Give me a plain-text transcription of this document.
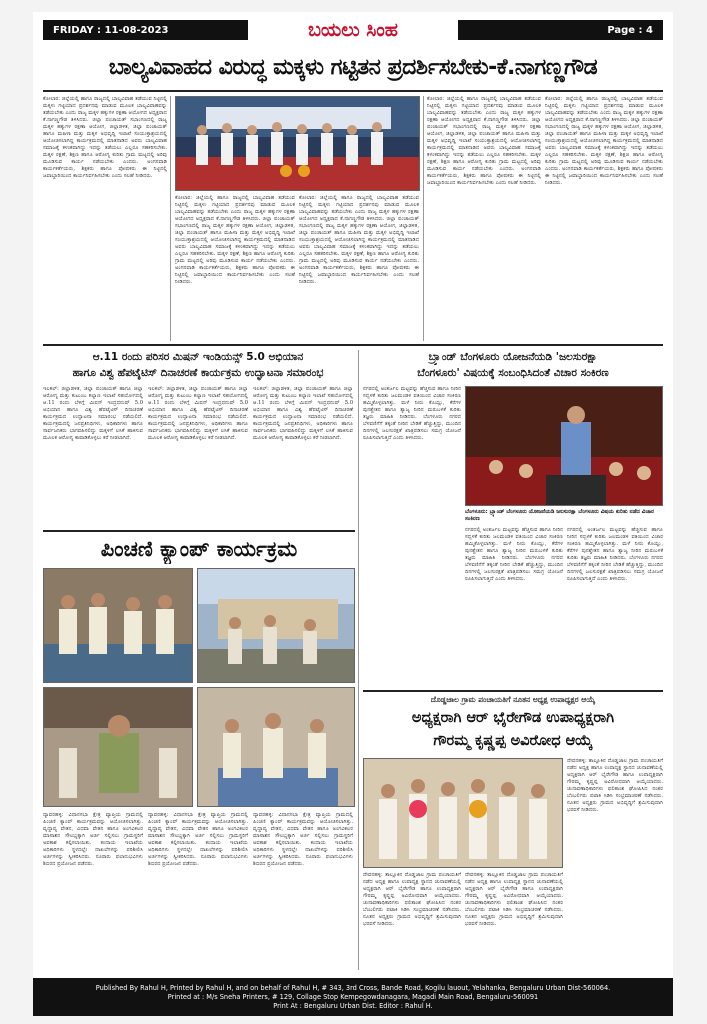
FRIDAY : 11-08-2023	Page : 4
ಬಯಲು ಸಿಂಹ
ಬಾಲ್ಯವಿವಾಹದ ವಿರುದ್ಧ ಮಕ್ಕಳು ಗಟ್ಟಿತನ ಪ್ರದರ್ಶಿಸಬೇಕು-ಕೆ.ನಾಗಣ್ಣಗೌಡ
ಕೋಲಾರ: ಜಿಲ್ಲೆಯಲ್ಲಿ ಹಾಗೂ ರಾಜ್ಯದಲ್ಲಿ ಬಾಲ್ಯವಿವಾಹ ತಡೆಯುವ ನಿಟ್ಟಿನಲ್ಲಿ ಮಕ್ಕಳು ಗಟ್ಟಿಯಾದ ಪ್ರದರ್ಶನವು ಮಾಡುವ ಮೂಲಕ ಬಾಲ್ಯವಿವಾಹವನ್ನು ತಡೆಯಬೇಕು ಎಂದು ರಾಜ್ಯ ಮಕ್ಕಳ ಹಕ್ಕುಗಳ ರಕ್ಷಣಾ ಆಯೋಗದ ಅಧ್ಯಕ್ಷರಾದ ಕೆ.ನಾಗಣ್ಣಗೌಡ ತಿಳಿಸಿದರು. ಜಿಲ್ಲಾ ಪಂಚಾಯತ್ ಸಭಾಂಗಣದಲ್ಲಿ ರಾಜ್ಯ ಮಕ್ಕಳ ಹಕ್ಕುಗಳ ರಕ್ಷಣಾ ಆಯೋಗ, ಜಿಲ್ಲಾಡಳಿತ, ಜಿಲ್ಲಾ ಪಂಚಾಯತ್ ಹಾಗೂ ಮಹಿಳಾ ಮತ್ತು ಮಕ್ಕಳ ಅಭಿವೃದ್ಧಿ ಇಲಾಖೆ ಸಂಯುಕ್ತಾಶ್ರಯದಲ್ಲಿ ಆಯೋಜಿಸಲಾಗಿದ್ದ ಕಾರ್ಯಕ್ರಮದಲ್ಲಿ ಮಾತನಾಡಿದ ಅವರು ಬಾಲ್ಯವಿವಾಹ ಸಮಾಜಕ್ಕೆ ಕಳಂಕವಾಗಿದ್ದು ಇದನ್ನು ತಡೆಯಲು ಎಲ್ಲರೂ ಸಹಕರಿಸಬೇಕು. ಮಕ್ಕಳ ರಕ್ಷಣೆ, ಶಿಕ್ಷಣ ಹಾಗೂ ಆರೋಗ್ಯ ಕುರಿತು ಗ್ರಾಮ ಮಟ್ಟದಲ್ಲಿ ಅರಿವು ಮೂಡಿಸುವ ಕಾರ್ಯ ನಡೆಯಬೇಕು ಎಂದರು. ಅಂಗನವಾಡಿ ಕಾರ್ಯಕರ್ತೆಯರು, ಶಿಕ್ಷಕರು ಹಾಗೂ ಪೋಷಕರು ಈ ನಿಟ್ಟಿನಲ್ಲಿ ಜವಾಬ್ದಾರಿಯಿಂದ ಕಾರ್ಯನಿರ್ವಹಿಸಬೇಕು ಎಂದು ಸಲಹೆ ನೀಡಿದರು.
ಕೋಲಾರ: ಜಿಲ್ಲೆಯಲ್ಲಿ ಹಾಗೂ ರಾಜ್ಯದಲ್ಲಿ ಬಾಲ್ಯವಿವಾಹ ತಡೆಯುವ ನಿಟ್ಟಿನಲ್ಲಿ ಮಕ್ಕಳು ಗಟ್ಟಿಯಾದ ಪ್ರದರ್ಶನವು ಮಾಡುವ ಮೂಲಕ ಬಾಲ್ಯವಿವಾಹವನ್ನು ತಡೆಯಬೇಕು ಎಂದು ರಾಜ್ಯ ಮಕ್ಕಳ ಹಕ್ಕುಗಳ ರಕ್ಷಣಾ ಆಯೋಗದ ಅಧ್ಯಕ್ಷರಾದ ಕೆ.ನಾಗಣ್ಣಗೌಡ ತಿಳಿಸಿದರು. ಜಿಲ್ಲಾ ಪಂಚಾಯತ್ ಸಭಾಂಗಣದಲ್ಲಿ ರಾಜ್ಯ ಮಕ್ಕಳ ಹಕ್ಕುಗಳ ರಕ್ಷಣಾ ಆಯೋಗ, ಜಿಲ್ಲಾಡಳಿತ, ಜಿಲ್ಲಾ ಪಂಚಾಯತ್ ಹಾಗೂ ಮಹಿಳಾ ಮತ್ತು ಮಕ್ಕಳ ಅಭಿವೃದ್ಧಿ ಇಲಾಖೆ ಸಂಯುಕ್ತಾಶ್ರಯದಲ್ಲಿ ಆಯೋಜಿಸಲಾಗಿದ್ದ ಕಾರ್ಯಕ್ರಮದಲ್ಲಿ ಮಾತನಾಡಿದ ಅವರು ಬಾಲ್ಯವಿವಾಹ ಸಮಾಜಕ್ಕೆ ಕಳಂಕವಾಗಿದ್ದು ಇದನ್ನು ತಡೆಯಲು ಎಲ್ಲರೂ ಸಹಕರಿಸಬೇಕು. ಮಕ್ಕಳ ರಕ್ಷಣೆ, ಶಿಕ್ಷಣ ಹಾಗೂ ಆರೋಗ್ಯ ಕುರಿತು ಗ್ರಾಮ ಮಟ್ಟದಲ್ಲಿ ಅರಿವು ಮೂಡಿಸುವ ಕಾರ್ಯ ನಡೆಯಬೇಕು ಎಂದರು. ಅಂಗನವಾಡಿ ಕಾರ್ಯಕರ್ತೆಯರು, ಶಿಕ್ಷಕರು ಹಾಗೂ ಪೋಷಕರು ಈ ನಿಟ್ಟಿನಲ್ಲಿ ಜವಾಬ್ದಾರಿಯಿಂದ ಕಾರ್ಯನಿರ್ವಹಿಸಬೇಕು ಎಂದು ಸಲಹೆ ನೀಡಿದರು.
ಕೋಲಾರ: ಜಿಲ್ಲೆಯಲ್ಲಿ ಹಾಗೂ ರಾಜ್ಯದಲ್ಲಿ ಬಾಲ್ಯವಿವಾಹ ತಡೆಯುವ ನಿಟ್ಟಿನಲ್ಲಿ ಮಕ್ಕಳು ಗಟ್ಟಿಯಾದ ಪ್ರದರ್ಶನವು ಮಾಡುವ ಮೂಲಕ ಬಾಲ್ಯವಿವಾಹವನ್ನು ತಡೆಯಬೇಕು ಎಂದು ರಾಜ್ಯ ಮಕ್ಕಳ ಹಕ್ಕುಗಳ ರಕ್ಷಣಾ ಆಯೋಗದ ಅಧ್ಯಕ್ಷರಾದ ಕೆ.ನಾಗಣ್ಣಗೌಡ ತಿಳಿಸಿದರು. ಜಿಲ್ಲಾ ಪಂಚಾಯತ್ ಸಭಾಂಗಣದಲ್ಲಿ ರಾಜ್ಯ ಮಕ್ಕಳ ಹಕ್ಕುಗಳ ರಕ್ಷಣಾ ಆಯೋಗ, ಜಿಲ್ಲಾಡಳಿತ, ಜಿಲ್ಲಾ ಪಂಚಾಯತ್ ಹಾಗೂ ಮಹಿಳಾ ಮತ್ತು ಮಕ್ಕಳ ಅಭಿವೃದ್ಧಿ ಇಲಾಖೆ ಸಂಯುಕ್ತಾಶ್ರಯದಲ್ಲಿ ಆಯೋಜಿಸಲಾಗಿದ್ದ ಕಾರ್ಯಕ್ರಮದಲ್ಲಿ ಮಾತನಾಡಿದ ಅವರು ಬಾಲ್ಯವಿವಾಹ ಸಮಾಜಕ್ಕೆ ಕಳಂಕವಾಗಿದ್ದು ಇದನ್ನು ತಡೆಯಲು ಎಲ್ಲರೂ ಸಹಕರಿಸಬೇಕು. ಮಕ್ಕಳ ರಕ್ಷಣೆ, ಶಿಕ್ಷಣ ಹಾಗೂ ಆರೋಗ್ಯ ಕುರಿತು ಗ್ರಾಮ ಮಟ್ಟದಲ್ಲಿ ಅರಿವು ಮೂಡಿಸುವ ಕಾರ್ಯ ನಡೆಯಬೇಕು ಎಂದರು. ಅಂಗನವಾಡಿ ಕಾರ್ಯಕರ್ತೆಯರು, ಶಿಕ್ಷಕರು ಹಾಗೂ ಪೋಷಕರು ಈ ನಿಟ್ಟಿನಲ್ಲಿ ಜವಾಬ್ದಾರಿಯಿಂದ ಕಾರ್ಯನಿರ್ವಹಿಸಬೇಕು ಎಂದು ಸಲಹೆ ನೀಡಿದರು.
ಕೋಲಾರ: ಜಿಲ್ಲೆಯಲ್ಲಿ ಹಾಗೂ ರಾಜ್ಯದಲ್ಲಿ ಬಾಲ್ಯವಿವಾಹ ತಡೆಯುವ ನಿಟ್ಟಿನಲ್ಲಿ ಮಕ್ಕಳು ಗಟ್ಟಿಯಾದ ಪ್ರದರ್ಶನವು ಮಾಡುವ ಮೂಲಕ ಬಾಲ್ಯವಿವಾಹವನ್ನು ತಡೆಯಬೇಕು ಎಂದು ರಾಜ್ಯ ಮಕ್ಕಳ ಹಕ್ಕುಗಳ ರಕ್ಷಣಾ ಆಯೋಗದ ಅಧ್ಯಕ್ಷರಾದ ಕೆ.ನಾಗಣ್ಣಗೌಡ ತಿಳಿಸಿದರು. ಜಿಲ್ಲಾ ಪಂಚಾಯತ್ ಸಭಾಂಗಣದಲ್ಲಿ ರಾಜ್ಯ ಮಕ್ಕಳ ಹಕ್ಕುಗಳ ರಕ್ಷಣಾ ಆಯೋಗ, ಜಿಲ್ಲಾಡಳಿತ, ಜಿಲ್ಲಾ ಪಂಚಾಯತ್ ಹಾಗೂ ಮಹಿಳಾ ಮತ್ತು ಮಕ್ಕಳ ಅಭಿವೃದ್ಧಿ ಇಲಾಖೆ ಸಂಯುಕ್ತಾಶ್ರಯದಲ್ಲಿ ಆಯೋಜಿಸಲಾಗಿದ್ದ ಕಾರ್ಯಕ್ರಮದಲ್ಲಿ ಮಾತನಾಡಿದ ಅವರು ಬಾಲ್ಯವಿವಾಹ ಸಮಾಜಕ್ಕೆ ಕಳಂಕವಾಗಿದ್ದು ಇದನ್ನು ತಡೆಯಲು ಎಲ್ಲರೂ ಸಹಕರಿಸಬೇಕು. ಮಕ್ಕಳ ರಕ್ಷಣೆ, ಶಿಕ್ಷಣ ಹಾಗೂ ಆರೋಗ್ಯ ಕುರಿತು ಗ್ರಾಮ ಮಟ್ಟದಲ್ಲಿ ಅರಿವು ಮೂಡಿಸುವ ಕಾರ್ಯ ನಡೆಯಬೇಕು ಎಂದರು. ಅಂಗನವಾಡಿ ಕಾರ್ಯಕರ್ತೆಯರು, ಶಿಕ್ಷಕರು ಹಾಗೂ ಪೋಷಕರು ಈ ನಿಟ್ಟಿನಲ್ಲಿ ಜವಾಬ್ದಾರಿಯಿಂದ ಕಾರ್ಯನಿರ್ವಹಿಸಬೇಕು ಎಂದು ಸಲಹೆ ನೀಡಿದರು.
ಕೋಲಾರ: ಜಿಲ್ಲೆಯಲ್ಲಿ ಹಾಗೂ ರಾಜ್ಯದಲ್ಲಿ ಬಾಲ್ಯವಿವಾಹ ತಡೆಯುವ ನಿಟ್ಟಿನಲ್ಲಿ ಮಕ್ಕಳು ಗಟ್ಟಿಯಾದ ಪ್ರದರ್ಶನವು ಮಾಡುವ ಮೂಲಕ ಬಾಲ್ಯವಿವಾಹವನ್ನು ತಡೆಯಬೇಕು ಎಂದು ರಾಜ್ಯ ಮಕ್ಕಳ ಹಕ್ಕುಗಳ ರಕ್ಷಣಾ ಆಯೋಗದ ಅಧ್ಯಕ್ಷರಾದ ಕೆ.ನಾಗಣ್ಣಗೌಡ ತಿಳಿಸಿದರು. ಜಿಲ್ಲಾ ಪಂಚಾಯತ್ ಸಭಾಂಗಣದಲ್ಲಿ ರಾಜ್ಯ ಮಕ್ಕಳ ಹಕ್ಕುಗಳ ರಕ್ಷಣಾ ಆಯೋಗ, ಜಿಲ್ಲಾಡಳಿತ, ಜಿಲ್ಲಾ ಪಂಚಾಯತ್ ಹಾಗೂ ಮಹಿಳಾ ಮತ್ತು ಮಕ್ಕಳ ಅಭಿವೃದ್ಧಿ ಇಲಾಖೆ ಸಂಯುಕ್ತಾಶ್ರಯದಲ್ಲಿ ಆಯೋಜಿಸಲಾಗಿದ್ದ ಕಾರ್ಯಕ್ರಮದಲ್ಲಿ ಮಾತನಾಡಿದ ಅವರು ಬಾಲ್ಯವಿವಾಹ ಸಮಾಜಕ್ಕೆ ಕಳಂಕವಾಗಿದ್ದು ಇದನ್ನು ತಡೆಯಲು ಎಲ್ಲರೂ ಸಹಕರಿಸಬೇಕು. ಮಕ್ಕಳ ರಕ್ಷಣೆ, ಶಿಕ್ಷಣ ಹಾಗೂ ಆರೋಗ್ಯ ಕುರಿತು ಗ್ರಾಮ ಮಟ್ಟದಲ್ಲಿ ಅರಿವು ಮೂಡಿಸುವ ಕಾರ್ಯ ನಡೆಯಬೇಕು ಎಂದರು. ಅಂಗನವಾಡಿ ಕಾರ್ಯಕರ್ತೆಯರು, ಶಿಕ್ಷಕರು ಹಾಗೂ ಪೋಷಕರು ಈ ನಿಟ್ಟಿನಲ್ಲಿ ಜವಾಬ್ದಾರಿಯಿಂದ ಕಾರ್ಯನಿರ್ವಹಿಸಬೇಕು ಎಂದು ಸಲಹೆ ನೀಡಿದರು.
ಆ.11 ರಂದು ಪರಿಸರ ಮಿಷನ್ ಇಂಡಿಯನ್ಸ್ 5.0 ಅಭಿಯಾನ
ಹಾಗೂ ವಿಶ್ವ ಹೆಪಟೈಟಿಸ್ ದಿನಾಚರಣೆ ಕಾರ್ಯಕ್ರಮ ಉದ್ಘಾಟನಾ ಸಮಾರಂಭ
ಇಲಕಲ್: ಜಿಲ್ಲಾಡಳಿತ, ಜಿಲ್ಲಾ ಪಂಚಾಯತ್ ಹಾಗೂ ಜಿಲ್ಲಾ ಆರೋಗ್ಯ ಮತ್ತು ಕುಟುಂಬ ಕಲ್ಯಾಣ ಇಲಾಖೆ ಸಹಯೋಗದಲ್ಲಿ ಆ.11 ರಂದು ಬೆಳಿಗ್ಗೆ ಮಿಷನ್ ಇಂದ್ರಧನುಷ್ 5.0 ಅಭಿಯಾನ ಹಾಗೂ ವಿಶ್ವ ಹೆಪಟೈಟಿಸ್ ದಿನಾಚರಣೆ ಕಾರ್ಯಕ್ರಮದ ಉದ್ಘಾಟನಾ ಸಮಾರಂಭ ನಡೆಯಲಿದೆ. ಕಾರ್ಯಕ್ರಮದಲ್ಲಿ ಜನಪ್ರತಿನಿಧಿಗಳು, ಅಧಿಕಾರಿಗಳು ಹಾಗೂ ಸಾರ್ವಜನಿಕರು ಭಾಗವಹಿಸಲಿದ್ದು ಮಕ್ಕಳಿಗೆ ಲಸಿಕೆ ಹಾಕಿಸುವ ಮೂಲಕ ಆರೋಗ್ಯ ಕಾಪಾಡಿಕೊಳ್ಳಲು ಕರೆ ನೀಡಲಾಗಿದೆ.
ಇಲಕಲ್: ಜಿಲ್ಲಾಡಳಿತ, ಜಿಲ್ಲಾ ಪಂಚಾಯತ್ ಹಾಗೂ ಜಿಲ್ಲಾ ಆರೋಗ್ಯ ಮತ್ತು ಕುಟುಂಬ ಕಲ್ಯಾಣ ಇಲಾಖೆ ಸಹಯೋಗದಲ್ಲಿ ಆ.11 ರಂದು ಬೆಳಿಗ್ಗೆ ಮಿಷನ್ ಇಂದ್ರಧನುಷ್ 5.0 ಅಭಿಯಾನ ಹಾಗೂ ವಿಶ್ವ ಹೆಪಟೈಟಿಸ್ ದಿನಾಚರಣೆ ಕಾರ್ಯಕ್ರಮದ ಉದ್ಘಾಟನಾ ಸಮಾರಂಭ ನಡೆಯಲಿದೆ. ಕಾರ್ಯಕ್ರಮದಲ್ಲಿ ಜನಪ್ರತಿನಿಧಿಗಳು, ಅಧಿಕಾರಿಗಳು ಹಾಗೂ ಸಾರ್ವಜನಿಕರು ಭಾಗವಹಿಸಲಿದ್ದು ಮಕ್ಕಳಿಗೆ ಲಸಿಕೆ ಹಾಕಿಸುವ ಮೂಲಕ ಆರೋಗ್ಯ ಕಾಪಾಡಿಕೊಳ್ಳಲು ಕರೆ ನೀಡಲಾಗಿದೆ.
ಇಲಕಲ್: ಜಿಲ್ಲಾಡಳಿತ, ಜಿಲ್ಲಾ ಪಂಚಾಯತ್ ಹಾಗೂ ಜಿಲ್ಲಾ ಆರೋಗ್ಯ ಮತ್ತು ಕುಟುಂಬ ಕಲ್ಯಾಣ ಇಲಾಖೆ ಸಹಯೋಗದಲ್ಲಿ ಆ.11 ರಂದು ಬೆಳಿಗ್ಗೆ ಮಿಷನ್ ಇಂದ್ರಧನುಷ್ 5.0 ಅಭಿಯಾನ ಹಾಗೂ ವಿಶ್ವ ಹೆಪಟೈಟಿಸ್ ದಿನಾಚರಣೆ ಕಾರ್ಯಕ್ರಮದ ಉದ್ಘಾಟನಾ ಸಮಾರಂಭ ನಡೆಯಲಿದೆ. ಕಾರ್ಯಕ್ರಮದಲ್ಲಿ ಜನಪ್ರತಿನಿಧಿಗಳು, ಅಧಿಕಾರಿಗಳು ಹಾಗೂ ಸಾರ್ವಜನಿಕರು ಭಾಗವಹಿಸಲಿದ್ದು ಮಕ್ಕಳಿಗೆ ಲಸಿಕೆ ಹಾಕಿಸುವ ಮೂಲಕ ಆರೋಗ್ಯ ಕಾಪಾಡಿಕೊಳ್ಳಲು ಕರೆ ನೀಡಲಾಗಿದೆ.
ಬ್ರ್ಯಾಂಡ್ ಬೆಂಗಳೂರು ಯೋಜನೆಯಡಿ 'ಜಲಸುರಕ್ಷಾ
ಬೆಂಗಳೂರು' ವಿಷಯಕ್ಕೆ ಸಂಬಂಧಿಸಿದಂತೆ ವಿಚಾರ ಸಂಕಿರಣ
ನಗರದಲ್ಲಿ ಅಂತರ್ಜಲ ಮಟ್ಟವನ್ನು ಹೆಚ್ಚಿಸುವ ಹಾಗೂ ನೀರಿನ ಸದ್ಬಳಕೆ ಕುರಿತು ಜಲಮಂಡಳಿ ವತಿಯಿಂದ ವಿಚಾರ ಸಂಕಿರಣ ಹಮ್ಮಿಕೊಳ್ಳಲಾಗಿತ್ತು. ಮಳೆ ನೀರು ಕೊಯ್ಲು, ಕೆರೆಗಳ ಪುನಶ್ಚೇತನ ಹಾಗೂ ತ್ಯಾಜ್ಯ ನೀರಿನ ಮರುಬಳಕೆ ಕುರಿತು ತಜ್ಞರು ಮಾಹಿತಿ ನೀಡಿದರು. ಬೆಂಗಳೂರು ನಗರದ ಬೆಳವಣಿಗೆಗೆ ತಕ್ಕಂತೆ ನೀರಿನ ಬೇಡಿಕೆ ಹೆಚ್ಚುತ್ತಿದ್ದು, ಮುಂದಿನ ದಿನಗಳಲ್ಲಿ ಜಲಸುರಕ್ಷತೆ ಖಾತ್ರಿಪಡಿಸಲು ಸಮಗ್ರ ಯೋಜನೆ ರೂಪಿಸಲಾಗುತ್ತಿದೆ ಎಂದು ತಿಳಿಸಿದರು.
ಬೆಂಗಳೂರು: ಬ್ರ್ಯಾಂಡ್ ಬೆಂಗಳೂರು ಯೋಜನೆಯಡಿ ಜಲಸುರಕ್ಷಾ ಬೆಂಗಳೂರು ವಿಷಯ ಕುರಿತು ನಡೆದ ವಿಚಾರ ಸಂಕಿರಣ
ನಗರದಲ್ಲಿ ಅಂತರ್ಜಲ ಮಟ್ಟವನ್ನು ಹೆಚ್ಚಿಸುವ ಹಾಗೂ ನೀರಿನ ಸದ್ಬಳಕೆ ಕುರಿತು ಜಲಮಂಡಳಿ ವತಿಯಿಂದ ವಿಚಾರ ಸಂಕಿರಣ ಹಮ್ಮಿಕೊಳ್ಳಲಾಗಿತ್ತು. ಮಳೆ ನೀರು ಕೊಯ್ಲು, ಕೆರೆಗಳ ಪುನಶ್ಚೇತನ ಹಾಗೂ ತ್ಯಾಜ್ಯ ನೀರಿನ ಮರುಬಳಕೆ ಕುರಿತು ತಜ್ಞರು ಮಾಹಿತಿ ನೀಡಿದರು. ಬೆಂಗಳೂರು ನಗರದ ಬೆಳವಣಿಗೆಗೆ ತಕ್ಕಂತೆ ನೀರಿನ ಬೇಡಿಕೆ ಹೆಚ್ಚುತ್ತಿದ್ದು, ಮುಂದಿನ ದಿನಗಳಲ್ಲಿ ಜಲಸುರಕ್ಷತೆ ಖಾತ್ರಿಪಡಿಸಲು ಸಮಗ್ರ ಯೋಜನೆ ರೂಪಿಸಲಾಗುತ್ತಿದೆ ಎಂದು ತಿಳಿಸಿದರು.
ನಗರದಲ್ಲಿ ಅಂತರ್ಜಲ ಮಟ್ಟವನ್ನು ಹೆಚ್ಚಿಸುವ ಹಾಗೂ ನೀರಿನ ಸದ್ಬಳಕೆ ಕುರಿತು ಜಲಮಂಡಳಿ ವತಿಯಿಂದ ವಿಚಾರ ಸಂಕಿರಣ ಹಮ್ಮಿಕೊಳ್ಳಲಾಗಿತ್ತು. ಮಳೆ ನೀರು ಕೊಯ್ಲು, ಕೆರೆಗಳ ಪುನಶ್ಚೇತನ ಹಾಗೂ ತ್ಯಾಜ್ಯ ನೀರಿನ ಮರುಬಳಕೆ ಕುರಿತು ತಜ್ಞರು ಮಾಹಿತಿ ನೀಡಿದರು. ಬೆಂಗಳೂರು ನಗರದ ಬೆಳವಣಿಗೆಗೆ ತಕ್ಕಂತೆ ನೀರಿನ ಬೇಡಿಕೆ ಹೆಚ್ಚುತ್ತಿದ್ದು, ಮುಂದಿನ ದಿನಗಳಲ್ಲಿ ಜಲಸುರಕ್ಷತೆ ಖಾತ್ರಿಪಡಿಸಲು ಸಮಗ್ರ ಯೋಜನೆ ರೂಪಿಸಲಾಗುತ್ತಿದೆ ಎಂದು ತಿಳಿಸಿದರು.
ಪಿಂಚಣಿ ಕ್ಯಾಂಪ್ ಕಾರ್ಯಕ್ರಮ
ದ್ಯಾವರಹಳ್ಳಿ: ವಿಧಾನಸಭಾ ಕ್ಷೇತ್ರ ವ್ಯಾಪ್ತಿಯ ಗ್ರಾಮದಲ್ಲಿ ಪಿಂಚಣಿ ಕ್ಯಾಂಪ್ ಕಾರ್ಯಕ್ರಮವನ್ನು ಆಯೋಜಿಸಲಾಗಿತ್ತು. ವೃದ್ಧಾಪ್ಯ ವೇತನ, ವಿಧವಾ ವೇತನ ಹಾಗೂ ಅಂಗವಿಕಲರ ಮಾಸಾಶನ ಸೌಲಭ್ಯಕ್ಕಾಗಿ ಅರ್ಜಿ ಸಲ್ಲಿಸಲು ಗ್ರಾಮಸ್ಥರಿಗೆ ಅವಕಾಶ ಕಲ್ಪಿಸಲಾಯಿತು. ಕಂದಾಯ ಇಲಾಖೆಯ ಅಧಿಕಾರಿಗಳು ಸ್ಥಳದಲ್ಲೇ ದಾಖಲೆಗಳನ್ನು ಪರಿಶೀಲಿಸಿ ಅರ್ಜಿಗಳನ್ನು ಸ್ವೀಕರಿಸಿದರು. ನೂರಾರು ಫಲಾನುಭವಿಗಳು ಶಿಬಿರದ ಪ್ರಯೋಜನ ಪಡೆದರು.
ದ್ಯಾವರಹಳ್ಳಿ: ವಿಧಾನಸಭಾ ಕ್ಷೇತ್ರ ವ್ಯಾಪ್ತಿಯ ಗ್ರಾಮದಲ್ಲಿ ಪಿಂಚಣಿ ಕ್ಯಾಂಪ್ ಕಾರ್ಯಕ್ರಮವನ್ನು ಆಯೋಜಿಸಲಾಗಿತ್ತು. ವೃದ್ಧಾಪ್ಯ ವೇತನ, ವಿಧವಾ ವೇತನ ಹಾಗೂ ಅಂಗವಿಕಲರ ಮಾಸಾಶನ ಸೌಲಭ್ಯಕ್ಕಾಗಿ ಅರ್ಜಿ ಸಲ್ಲಿಸಲು ಗ್ರಾಮಸ್ಥರಿಗೆ ಅವಕಾಶ ಕಲ್ಪಿಸಲಾಯಿತು. ಕಂದಾಯ ಇಲಾಖೆಯ ಅಧಿಕಾರಿಗಳು ಸ್ಥಳದಲ್ಲೇ ದಾಖಲೆಗಳನ್ನು ಪರಿಶೀಲಿಸಿ ಅರ್ಜಿಗಳನ್ನು ಸ್ವೀಕರಿಸಿದರು. ನೂರಾರು ಫಲಾನುಭವಿಗಳು ಶಿಬಿರದ ಪ್ರಯೋಜನ ಪಡೆದರು.
ದ್ಯಾವರಹಳ್ಳಿ: ವಿಧಾನಸಭಾ ಕ್ಷೇತ್ರ ವ್ಯಾಪ್ತಿಯ ಗ್ರಾಮದಲ್ಲಿ ಪಿಂಚಣಿ ಕ್ಯಾಂಪ್ ಕಾರ್ಯಕ್ರಮವನ್ನು ಆಯೋಜಿಸಲಾಗಿತ್ತು. ವೃದ್ಧಾಪ್ಯ ವೇತನ, ವಿಧವಾ ವೇತನ ಹಾಗೂ ಅಂಗವಿಕಲರ ಮಾಸಾಶನ ಸೌಲಭ್ಯಕ್ಕಾಗಿ ಅರ್ಜಿ ಸಲ್ಲಿಸಲು ಗ್ರಾಮಸ್ಥರಿಗೆ ಅವಕಾಶ ಕಲ್ಪಿಸಲಾಯಿತು. ಕಂದಾಯ ಇಲಾಖೆಯ ಅಧಿಕಾರಿಗಳು ಸ್ಥಳದಲ್ಲೇ ದಾಖಲೆಗಳನ್ನು ಪರಿಶೀಲಿಸಿ ಅರ್ಜಿಗಳನ್ನು ಸ್ವೀಕರಿಸಿದರು. ನೂರಾರು ಫಲಾನುಭವಿಗಳು ಶಿಬಿರದ ಪ್ರಯೋಜನ ಪಡೆದರು.
ದೊಡ್ಡಜಾಲ ಗ್ರಾಮ ಪಂಚಾಯತಿಗೆ ನೂತನ ಅಧ್ಯಕ್ಷ ಉಪಾಧ್ಯಕ್ಷರ ಆಯ್ಕೆ
ಅಧ್ಯಕ್ಷರಾಗಿ ಆರ್ ಭೈರೇಗೌಡ ಉಪಾಧ್ಯಕ್ಷರಾಗಿ
ಗೌರಮ್ಮ ಕೃಷ್ಣಪ್ಪ ಅವಿರೋಧ ಆಯ್ಕೆ
ದೇವನಹಳ್ಳಿ: ತಾಲ್ಲೂಕಿನ ದೊಡ್ಡಜಾಲ ಗ್ರಾಮ ಪಂಚಾಯತಿಗೆ ನಡೆದ ಅಧ್ಯಕ್ಷ ಹಾಗೂ ಉಪಾಧ್ಯಕ್ಷ ಸ್ಥಾನದ ಚುನಾವಣೆಯಲ್ಲಿ ಅಧ್ಯಕ್ಷರಾಗಿ ಆರ್ ಭೈರೇಗೌಡ ಹಾಗೂ ಉಪಾಧ್ಯಕ್ಷರಾಗಿ ಗೌರಮ್ಮ ಕೃಷ್ಣಪ್ಪ ಅವಿರೋಧವಾಗಿ ಆಯ್ಕೆಯಾದರು. ಚುನಾವಣಾಧಿಕಾರಿಗಳು ಫಲಿತಾಂಶ ಘೋಷಿಸಿದ ನಂತರ ಬೆಂಬಲಿಗರು ಪಟಾಕಿ ಸಿಡಿಸಿ ಸಂಭ್ರಮಾಚರಣೆ ನಡೆಸಿದರು. ನೂತನ ಅಧ್ಯಕ್ಷರು ಗ್ರಾಮದ ಅಭಿವೃದ್ಧಿಗೆ ಶ್ರಮಿಸುವುದಾಗಿ ಭರವಸೆ ನೀಡಿದರು.
ದೇವನಹಳ್ಳಿ: ತಾಲ್ಲೂಕಿನ ದೊಡ್ಡಜಾಲ ಗ್ರಾಮ ಪಂಚಾಯತಿಗೆ ನಡೆದ ಅಧ್ಯಕ್ಷ ಹಾಗೂ ಉಪಾಧ್ಯಕ್ಷ ಸ್ಥಾನದ ಚುನಾವಣೆಯಲ್ಲಿ ಅಧ್ಯಕ್ಷರಾಗಿ ಆರ್ ಭೈರೇಗೌಡ ಹಾಗೂ ಉಪಾಧ್ಯಕ್ಷರಾಗಿ ಗೌರಮ್ಮ ಕೃಷ್ಣಪ್ಪ ಅವಿರೋಧವಾಗಿ ಆಯ್ಕೆಯಾದರು. ಚುನಾವಣಾಧಿಕಾರಿಗಳು ಫಲಿತಾಂಶ ಘೋಷಿಸಿದ ನಂತರ ಬೆಂಬಲಿಗರು ಪಟಾಕಿ ಸಿಡಿಸಿ ಸಂಭ್ರಮಾಚರಣೆ ನಡೆಸಿದರು. ನೂತನ ಅಧ್ಯಕ್ಷರು ಗ್ರಾಮದ ಅಭಿವೃದ್ಧಿಗೆ ಶ್ರಮಿಸುವುದಾಗಿ ಭರವಸೆ ನೀಡಿದರು.
ದೇವನಹಳ್ಳಿ: ತಾಲ್ಲೂಕಿನ ದೊಡ್ಡಜಾಲ ಗ್ರಾಮ ಪಂಚಾಯತಿಗೆ ನಡೆದ ಅಧ್ಯಕ್ಷ ಹಾಗೂ ಉಪಾಧ್ಯಕ್ಷ ಸ್ಥಾನದ ಚುನಾವಣೆಯಲ್ಲಿ ಅಧ್ಯಕ್ಷರಾಗಿ ಆರ್ ಭೈರೇಗೌಡ ಹಾಗೂ ಉಪಾಧ್ಯಕ್ಷರಾಗಿ ಗೌರಮ್ಮ ಕೃಷ್ಣಪ್ಪ ಅವಿರೋಧವಾಗಿ ಆಯ್ಕೆಯಾದರು. ಚುನಾವಣಾಧಿಕಾರಿಗಳು ಫಲಿತಾಂಶ ಘೋಷಿಸಿದ ನಂತರ ಬೆಂಬಲಿಗರು ಪಟಾಕಿ ಸಿಡಿಸಿ ಸಂಭ್ರಮಾಚರಣೆ ನಡೆಸಿದರು. ನೂತನ ಅಧ್ಯಕ್ಷರು ಗ್ರಾಮದ ಅಭಿವೃದ್ಧಿಗೆ ಶ್ರಮಿಸುವುದಾಗಿ ಭರವಸೆ ನೀಡಿದರು.
Published By Rahul H, Printed by Rahul H, and on behalf of Rahul H, # 343, 3rd Cross, Bande Road, Kogilu lauout, Yelahanka, Bengaluru Urban Dist-560064.
Printed at : M/s Sneha Printers, # 129, Collage Stop Kempegowdanagara, Magadi Main Road, Bengaluru-560091
Print At : Bengaluru Urban Dist. Editor : Rahul H.
